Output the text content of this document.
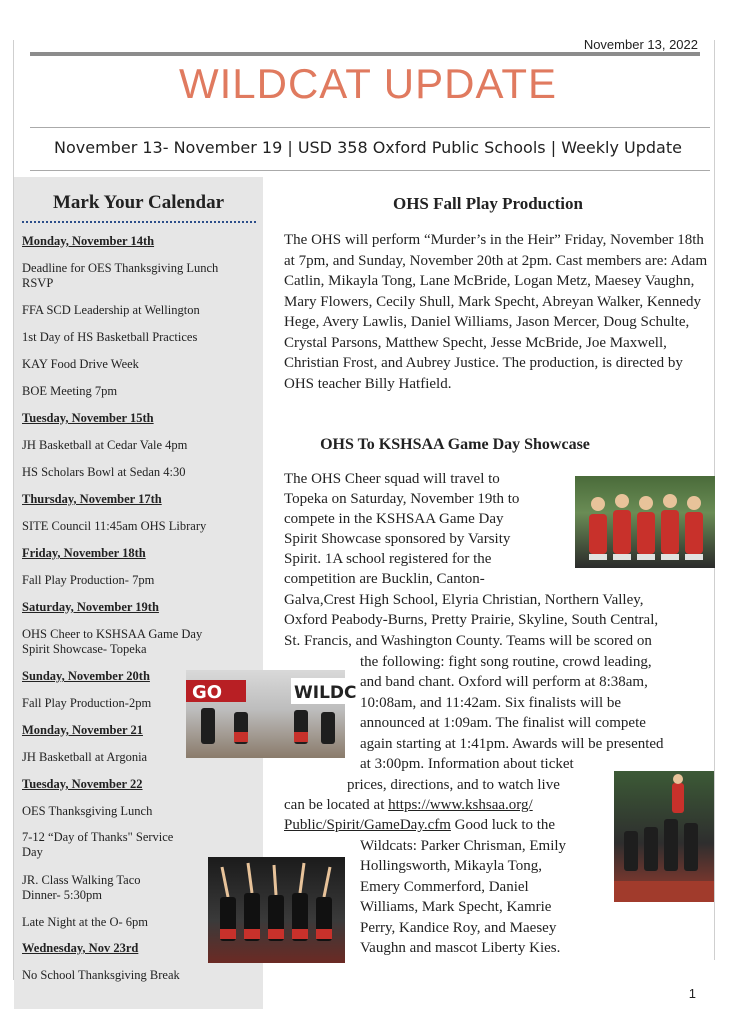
November 13, 2022
WILDCAT UPDATE
November 13- November 19 | USD 358 Oxford Public Schools | Weekly Update
Mark Your Calendar
Monday, November 14th
Deadline for OES Thanksgiving Lunch
RSVP
FFA SCD Leadership at Wellington
1st Day of HS Basketball Practices
KAY Food Drive Week
BOE Meeting 7pm
Tuesday, November 15th
JH Basketball at Cedar Vale 4pm
HS Scholars Bowl at Sedan 4:30
Thursday, November 17th
SITE Council 11:45am OHS Library
Friday, November 18th
Fall Play Production- 7pm
Saturday, November 19th
OHS Cheer to KSHSAA Game Day
Spirit Showcase- Topeka
Sunday, November 20th
Fall Play Production-2pm
Monday, November 21
JH Basketball at Argonia
Tuesday, November 22
OES Thanksgiving Lunch
7-12 “Day of Thanks" Service
Day
JR. Class Walking Taco
Dinner- 5:30pm
Late Night at the O- 6pm
Wednesday, Nov 23rd
No School Thanksgiving Break
OHS Fall Play Production

The OHS will perform “Murder’s in the Heir” Friday, November 18th at 7pm, and Sunday, November 20th at 2pm. Cast members are: Adam Catlin, Mikayla Tong, Lane McBride, Logan Metz, Maesey Vaughn, Mary Flowers, Cecily Shull, Mark Specht, Abreyan Walker, Kennedy Hege, Avery Lawlis, Daniel Williams, Jason Mercer, Doug Schulte, Crystal Parsons, Matthew Specht, Jesse McBride, Joe Maxwell, Christian Frost, and Aubrey Justice. The production, is directed by OHS teacher Billy Hatfield.

OHS To KSHSAA Game Day Showcase
The OHS Cheer squad will travel to
Topeka on Saturday, November 19th to
compete in the KSHSAA Game Day
Spirit Showcase sponsored by Varsity
Spirit. 1A school registered for the
competition are Bucklin, Canton-
Galva,Crest High School, Elyria Christian, Northern Valley,
Oxford Peabody-Burns, Pretty Prairie, Skyline, South Central,
St. Francis, and Washington County. Teams will be scored on
the following: fight song routine, crowd leading,
and band chant. Oxford will perform at 8:38am,
10:08am, and 11:42am. Six finalists will be
announced at 1:09am. The finalist will compete
again starting at 1:41pm. Awards will be presented
at 3:00pm. Information about ticket
prices, directions, and to watch live
can be located at https://www.kshsaa.org/
Public/Spirit/GameDay.cfm Good luck to the
Wildcats: Parker Chrisman, Emily
Hollingsworth, Mikayla Tong,
Emery Commerford, Daniel
Williams, Mark Specht, Kamrie
Perry, Kandice Roy, and Maesey
Vaughn and mascot Liberty Kies.
GO	WILDC
1
